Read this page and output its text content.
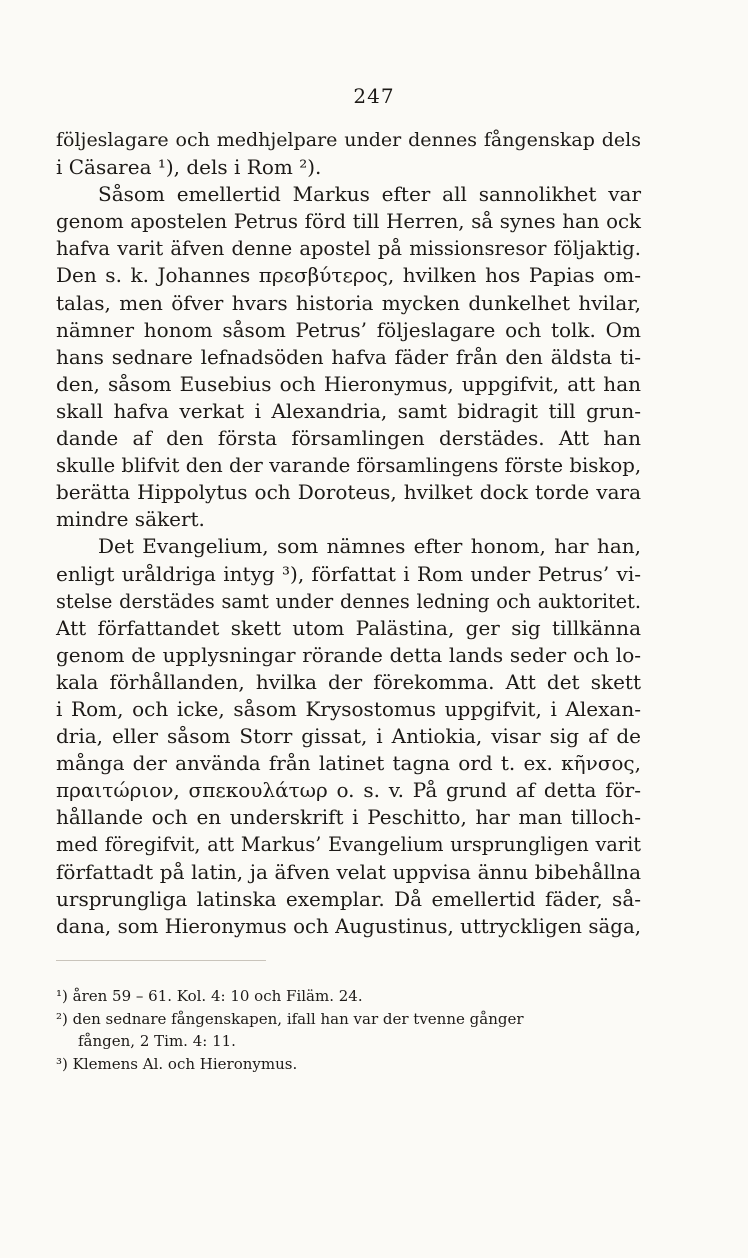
247
följeslagare och medhjelpare under dennes fångenskap dels
i Cäsarea ¹), dels i Rom ²).
Såsom emellertid Markus efter all sannolikhet var
genom apostelen Petrus förd till Herren, så synes han ock
hafva varit äfven denne apostel på missionsresor följaktig.
Den s. k. Johannes πρεσβύτερος, hvilken hos Papias om-
talas, men öfver hvars historia mycken dunkelhet hvilar,
nämner honom såsom Petrus’ följeslagare och tolk. Om
hans sednare lefnadsöden hafva fäder från den äldsta ti-
den, såsom Eusebius och Hieronymus, uppgifvit, att han
skall hafva verkat i Alexandria, samt bidragit till grun-
dande af den första församlingen derstädes. Att han
skulle blifvit den der varande församlingens förste biskop,
berätta Hippolytus och Doroteus, hvilket dock torde vara
mindre säkert.
Det Evangelium, som nämnes efter honom, har han,
enligt uråldriga intyg ³), författat i Rom under Petrus’ vi-
stelse derstädes samt under dennes ledning och auktoritet.
Att författandet skett utom Palästina, ger sig tillkänna
genom de upplysningar rörande detta lands seder och lo-
kala förhållanden, hvilka der förekomma. Att det skett
i Rom, och icke, såsom Krysostomus uppgifvit, i Alexan-
dria, eller såsom Storr gissat, i Antiokia, visar sig af de
många der använda från latinet tagna ord t. ex. κῆνσος,
πραιτώριον, σπεκουλάτωρ o. s. v. På grund af detta för-
hållande och en underskrift i Peschitto, har man tilloch-
med föregifvit, att Markus’ Evangelium ursprungligen varit
författadt på latin, ja äfven velat uppvisa ännu bibehållna
ursprungliga latinska exemplar. Då emellertid fäder, så-
dana, som Hieronymus och Augustinus, uttryckligen säga,
¹) åren 59 – 61. Kol. 4: 10 och Filäm. 24.
²) den sednare fångenskapen, ifall han var der tvenne gånger
fången, 2 Tim. 4: 11.
³) Klemens Al. och Hieronymus.
